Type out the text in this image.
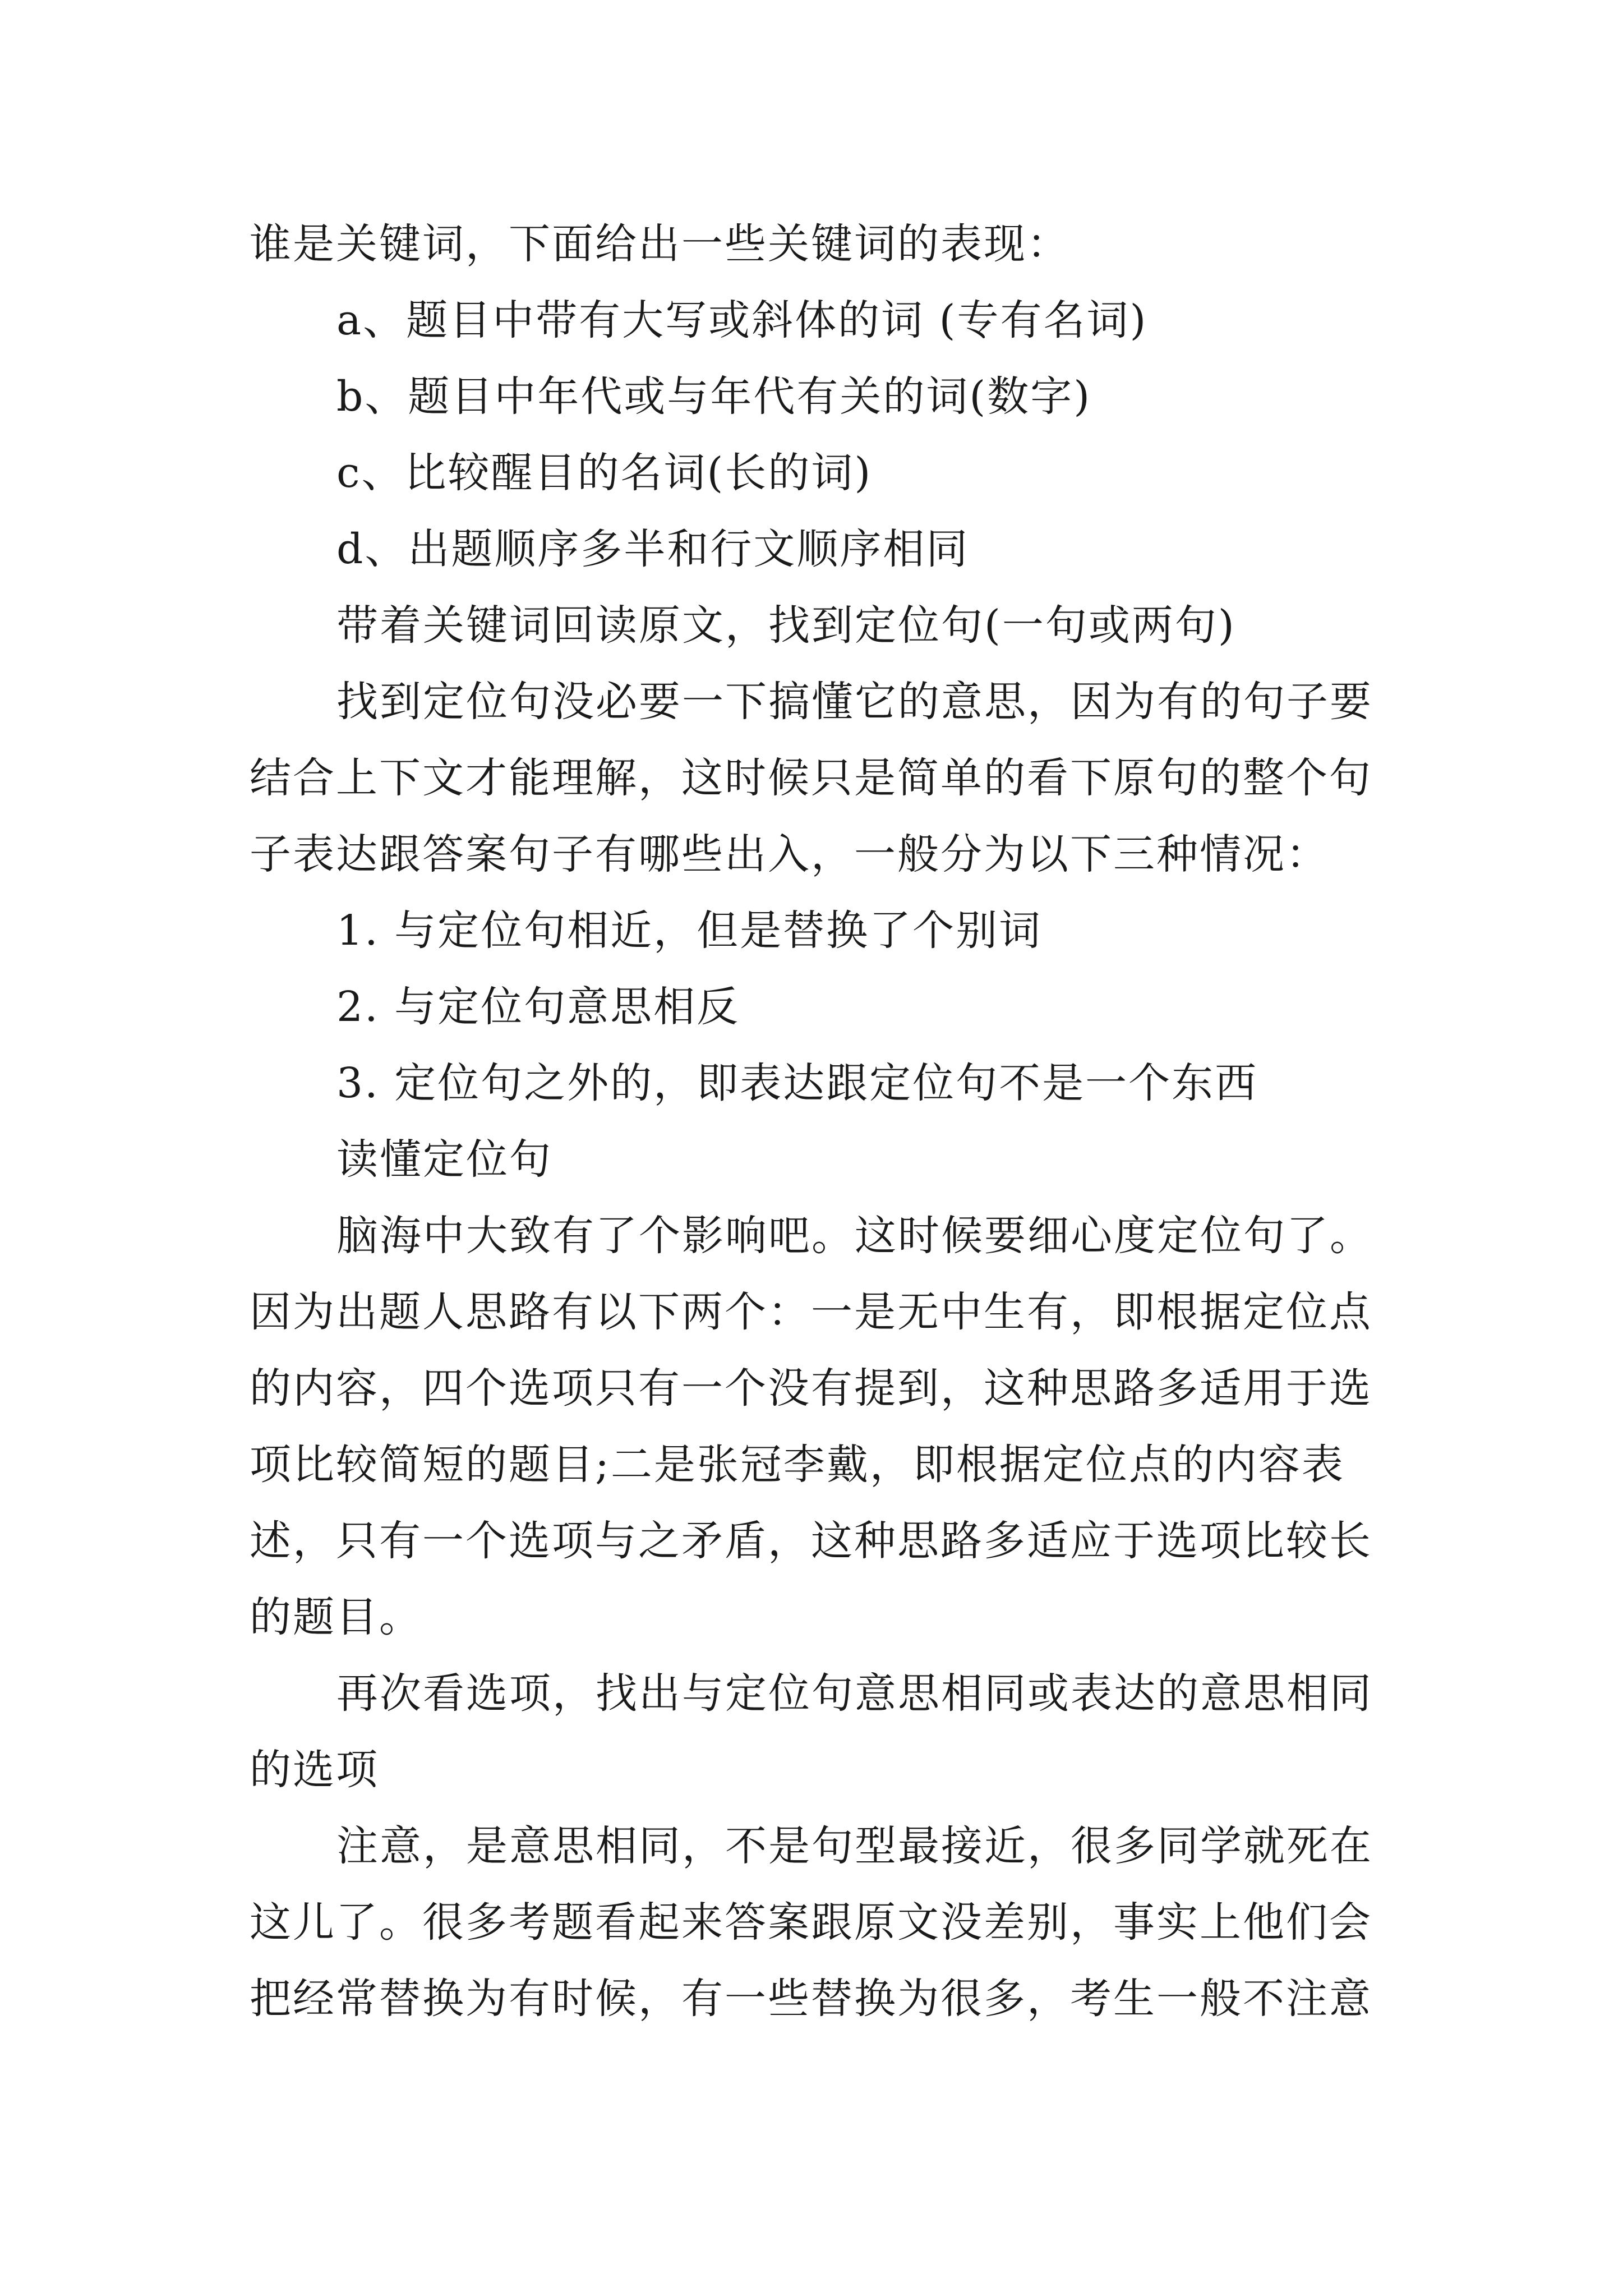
谁是关键词，下面给出一些关键词的表现：

a、题目中带有大写或斜体的词 (专有名词)

b、题目中年代或与年代有关的词(数字)

c、比较醒目的名词(长的词)

d、出题顺序多半和行文顺序相同

带着关键词回读原文，找到定位句(一句或两句)

找到定位句没必要一下搞懂它的意思，因为有的句子要

结合上下文才能理解，这时候只是简单的看下原句的整个句

子表达跟答案句子有哪些出入，一般分为以下三种情况：

1. 与定位句相近，但是替换了个别词

2. 与定位句意思相反

3. 定位句之外的，即表达跟定位句不是一个东西

读懂定位句

脑海中大致有了个影响吧。这时候要细心度定位句了。

因为出题人思路有以下两个：一是无中生有，即根据定位点

的内容，四个选项只有一个没有提到，这种思路多适用于选

项比较简短的题目;二是张冠李戴，即根据定位点的内容表

述，只有一个选项与之矛盾，这种思路多适应于选项比较长

的题目。

再次看选项，找出与定位句意思相同或表达的意思相同

的选项

注意，是意思相同，不是句型最接近，很多同学就死在

这儿了。很多考题看起来答案跟原文没差别，事实上他们会

把经常替换为有时候，有一些替换为很多，考生一般不注意
